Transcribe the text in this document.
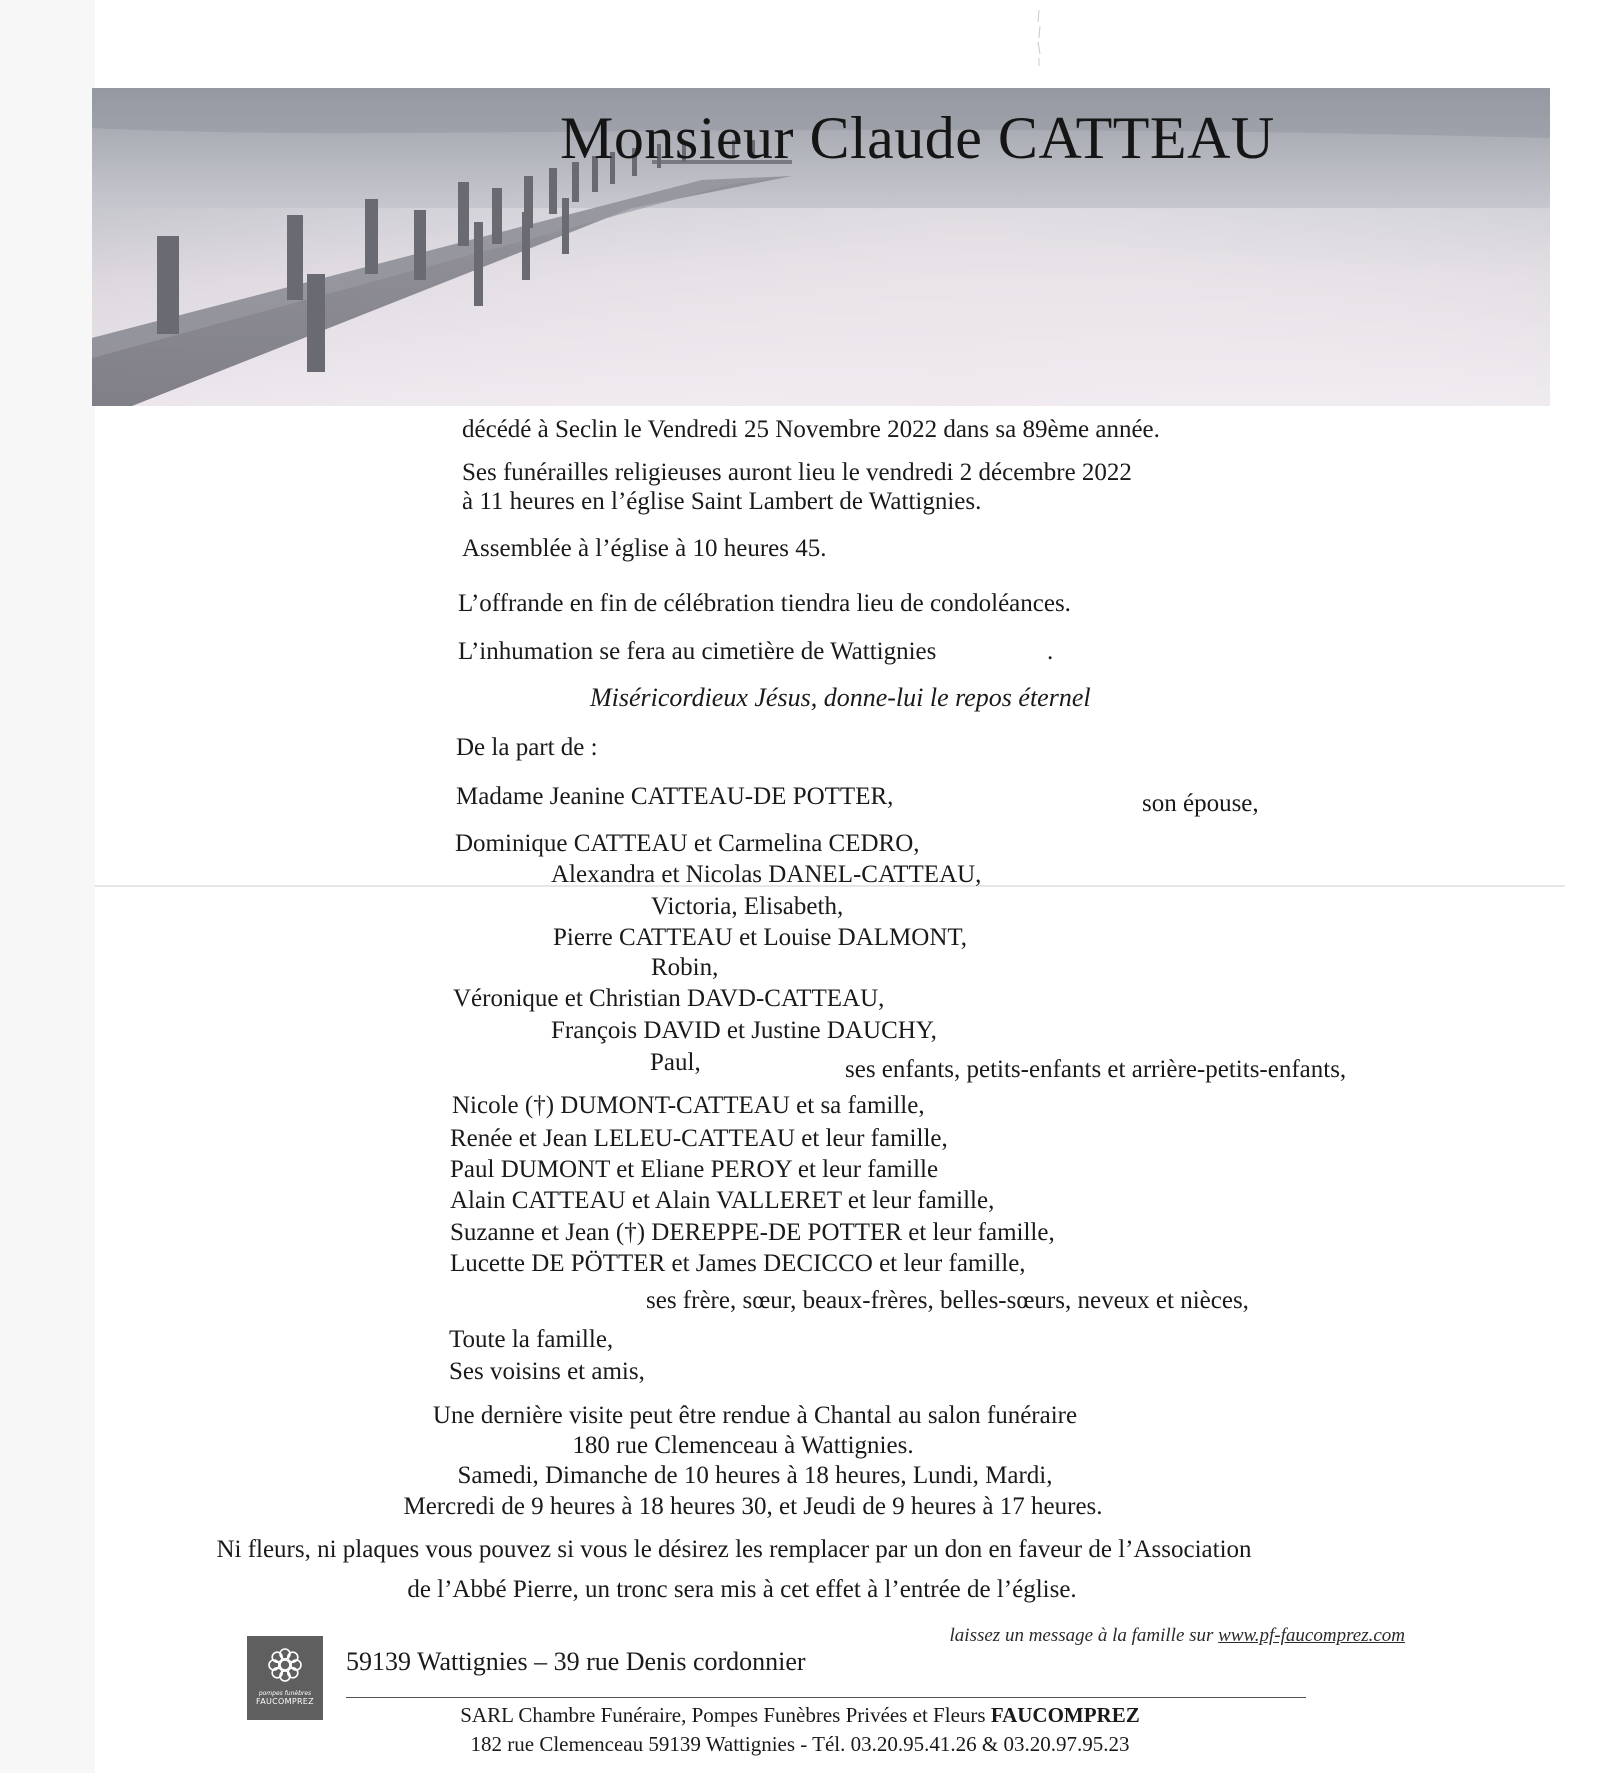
Monsieur Claude CATTEAU

décédé à Seclin le Vendredi 25 Novembre 2022 dans sa 89ème année.

Ses funérailles religieuses auront lieu le vendredi 2 décembre 2022

à 11 heures en l’église Saint Lambert de Wattignies.

Assemblée à l’église à 10 heures 45.

L’offrande en fin de célébration tiendra lieu de condoléances.

L’inhumation se fera au cimetière de Wattignies	.

Miséricordieux Jésus, donne-lui le repos éternel

De la part de :

Madame Jeanine CATTEAU-DE POTTER,	son épouse,

Dominique CATTEAU et Carmelina CEDRO,

Alexandra et Nicolas DANEL-CATTEAU,

Victoria, Elisabeth,

Pierre CATTEAU et Louise DALMONT,

Robin,

Véronique et Christian DAVD-CATTEAU,

François DAVID et Justine DAUCHY,

Paul,	ses enfants, petits-enfants et arrière-petits-enfants,

Nicole (†) DUMONT-CATTEAU et sa famille,

Renée et Jean LELEU-CATTEAU et leur famille,

Paul DUMONT et Eliane PEROY et leur famille

Alain CATTEAU et Alain VALLERET et leur famille,

Suzanne et Jean (†) DEREPPE-DE POTTER et leur famille,

Lucette DE PÖTTER et James DECICCO et leur famille,

ses frère, sœur, beaux-frères, belles-sœurs, neveux et nièces,

Toute la famille,

Ses voisins et amis,

Une dernière visite peut être rendue à Chantal au salon funéraire

180 rue Clemenceau à Wattignies.

Samedi, Dimanche de 10 heures à 18 heures, Lundi, Mardi,

Mercredi de 9 heures à 18 heures 30, et Jeudi de 9 heures à 17 heures.

Ni fleurs, ni plaques vous pouvez si vous le désirez les remplacer par un don en faveur de l’Association

de l’Abbé Pierre, un tronc sera mis à cet effet à l’entrée de l’église.

pompes funèbres
FAUCOMPREZ
laissez un message à la famille sur www.pf-faucomprez.com
59139 Wattignies – 39 rue Denis cordonnier
SARL Chambre Funéraire, Pompes Funèbres Privées et Fleurs FAUCOMPREZ
182 rue Clemenceau 59139 Wattignies - Tél. 03.20.95.41.26 & 03.20.97.95.23
